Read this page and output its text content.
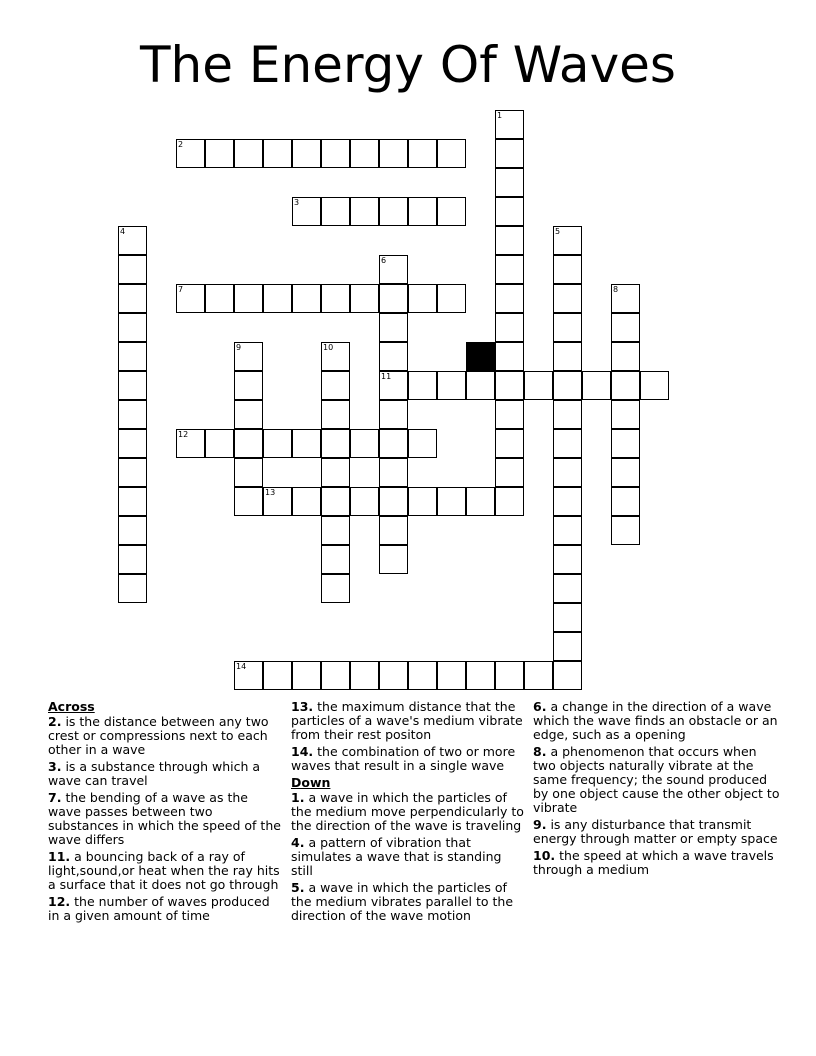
The Energy Of Waves
1
2
3
4	5
6
11
7	8
9	10
12
13
14
Across
2. is the distance between any two crest or compressions next to each other in a wave
3. is a substance through which a wave can travel
7. the bending of a wave as the wave passes between two substances in which the speed of the wave differs
11. a bouncing back of a ray of light,sound,or heat when the ray hits a surface that it does not go through
12. the number of waves produced in a given amount of time
13. the maximum distance that the particles of a wave's medium vibrate from their rest positon
14. the combination of two or more waves that result in a single wave
Down
1. a wave in which the particles of the medium move perpendicularly to the direction of the wave is traveling
4. a pattern of vibration that simulates a wave that is standing still
5. a wave in which the particles of the medium vibrates parallel to the direction of the wave motion
6. a change in the direction of a wave which the wave finds an obstacle or an edge, such as a opening
8. a phenomenon that occurs when two objects naturally vibrate at the same frequency; the sound produced by one object cause the other object to vibrate
9. is any disturbance that transmit energy through matter or empty space
10. the speed at which a wave travels through a medium
